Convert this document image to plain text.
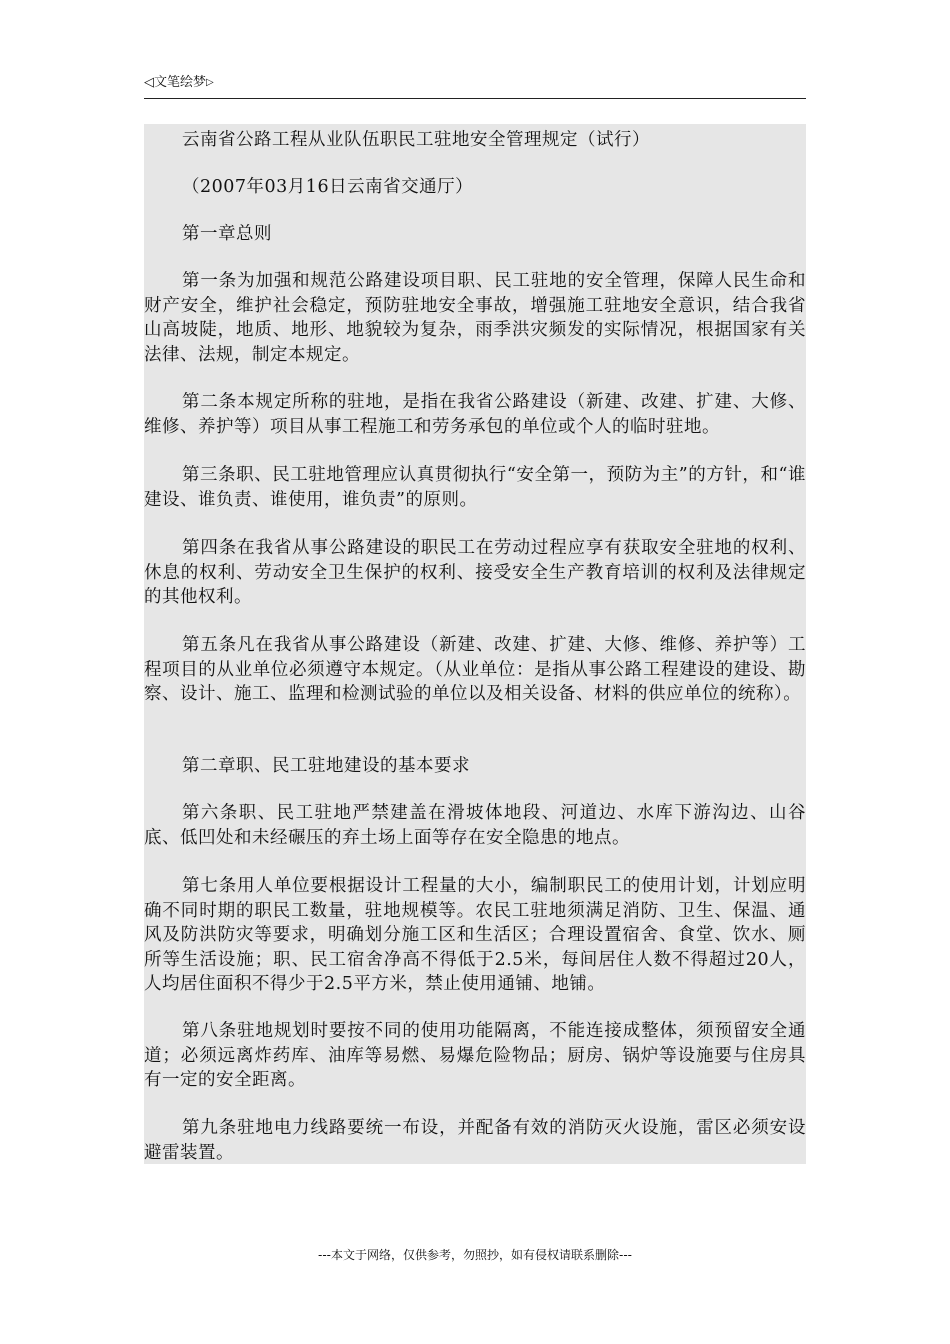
◁ 文笔绘梦 ▷
云南省公路工程从业队伍职民工驻地安全管理规定（试行）
（2007年03月16日云南省交通厅）
第一章总则
第一条为加强和规范公路建设项目职、民工驻地的安全管理，保障人民生命和财产安全，维护社会稳定，预防驻地安全事故，增强施工驻地安全意识，结合我省山高坡陡，地质、地形、地貌较为复杂，雨季洪灾频发的实际情况，根据国家有关法律、法规，制定本规定。
第二条本规定所称的驻地，是指在我省公路建设（新建、改建、扩建、大修、维修、养护等）项目从事工程施工和劳务承包的单位或个人的临时驻地。
第三条职、民工驻地管理应认真贯彻执行“安全第一，预防为主”的方针，和“谁建设、谁负责、谁使用，谁负责”的原则。
第四条在我省从事公路建设的职民工在劳动过程应享有获取安全驻地的权利、休息的权利、劳动安全卫生保护的权利、接受安全生产教育培训的权利及法律规定的其他权利。
第五条凡在我省从事公路建设（新建、改建、扩建、大修、维修、养护等）工程项目的从业单位必须遵守本规定。（从业单位：是指从事公路工程建设的建设、勘察、设计、施工、监理和检测试验的单位以及相关设备、材料的供应单位的统称）。
第二章职、民工驻地建设的基本要求
第六条职、民工驻地严禁建盖在滑坡体地段、河道边、水库下游沟边、山谷底、低凹处和未经碾压的弃土场上面等存在安全隐患的地点。
第七条用人单位要根据设计工程量的大小，编制职民工的使用计划，计划应明确不同时期的职民工数量，驻地规模等。农民工驻地须满足消防、卫生、保温、通风及防洪防灾等要求，明确划分施工区和生活区；合理设置宿舍、食堂、饮水、厕所等生活设施；职、民工宿舍净高不得低于2.5米，每间居住人数不得超过20人，人均居住面积不得少于2.5平方米，禁止使用通铺、地铺。
第八条驻地规划时要按不同的使用功能隔离，不能连接成整体，须预留安全通道；必须远离炸药库、油库等易燃、易爆危险物品；厨房、锅炉等设施要与住房具有一定的安全距离。
第九条驻地电力线路要统一布设，并配备有效的消防灭火设施，雷区必须安设避雷装置。
---本文于网络，仅供参考，勿照抄，如有侵权请联系删除---
